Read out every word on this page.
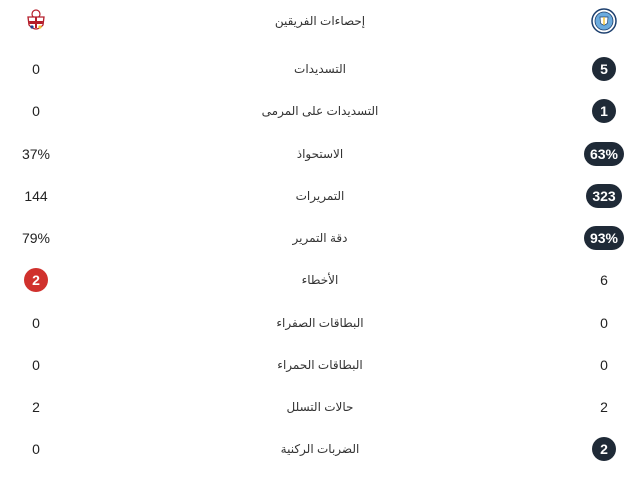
إحصاءات الفريقين
0	التسديدات	5
0	التسديدات على المرمى	1
37%	الاستحواذ	63%
144	التمريرات	323
79%	دقة التمرير	93%
2	الأخطاء	6
0	البطاقات الصفراء	0
0	البطاقات الحمراء	0
2	حالات التسلل	2
0	الضربات الركنية	2
